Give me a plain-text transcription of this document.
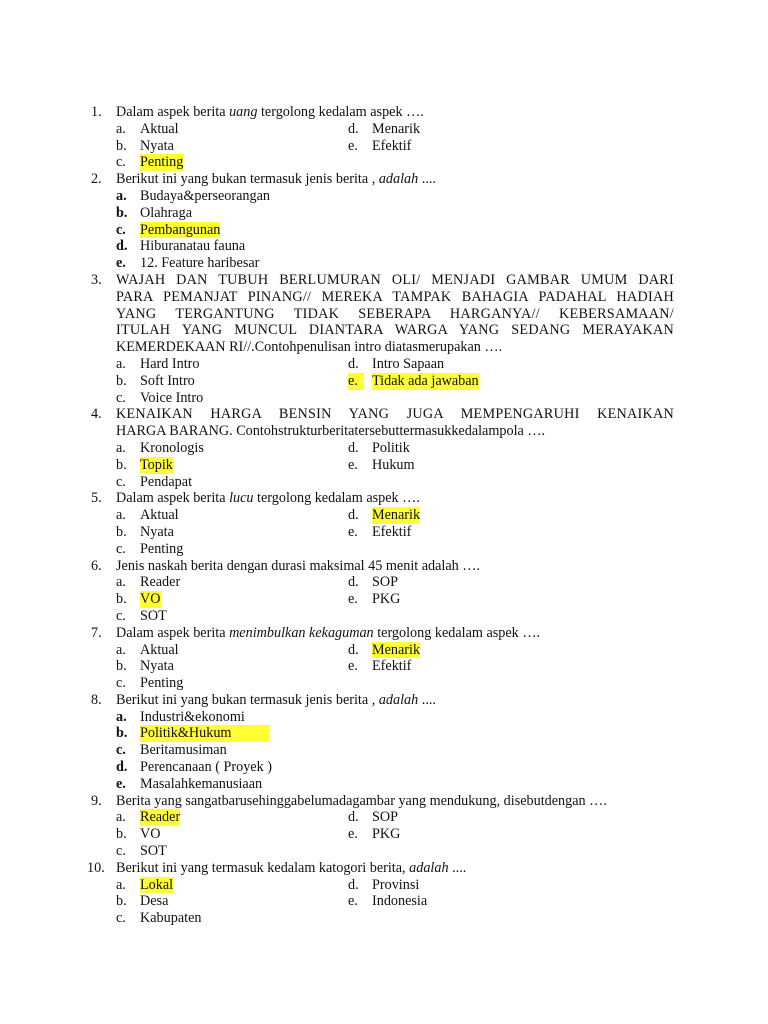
1. Dalam aspek berita uang tergolong kedalam aspek ….
a. Aktual	d. Menarik
b. Nyata	e. Efektif
c. Penting
2. Berikut ini yang bukan termasuk jenis berita , adalah ....
a. Budaya&perseorangan
b. Olahraga
c. Pembangunan
d. Hiburanatau fauna
e. 12. Feature haribesar
3. WAJAH DAN TUBUH BERLUMURAN OLI/ MENJADI GAMBAR UMUM DARI
PARA PEMANJAT PINANG// MEREKA TAMPAK BAHAGIA PADAHAL HADIAH
YANG TERGANTUNG TIDAK SEBERAPA HARGANYA// KEBERSAMAAN/
ITULAH YANG MUNCUL DIANTARA WARGA YANG SEDANG MERAYAKAN
KEMERDEKAAN RI//.Contohpenulisan intro diatasmerupakan ….
a. Hard Intro	d. Intro Sapaan
b. Soft Intro	e. Tidak ada jawaban
c. Voice Intro
4. KENAIKAN HARGA BENSIN YANG JUGA MEMPENGARUHI KENAIKAN
HARGA BARANG. Contohstrukturberitatersebuttermasukkedalampola ….
a. Kronologis	d. Politik
b. Topik	e. Hukum
c. Pendapat
5. Dalam aspek berita lucu tergolong kedalam aspek ….
a. Aktual	d. Menarik
b. Nyata	e. Efektif
c. Penting
6. Jenis naskah berita dengan durasi maksimal 45 menit adalah ….
a. Reader	d. SOP
b. VO	e. PKG
c. SOT
7. Dalam aspek berita menimbulkan kekaguman tergolong kedalam aspek ….
a. Aktual	d. Menarik
b. Nyata	e. Efektif
c. Penting
8. Berikut ini yang bukan termasuk jenis berita , adalah ....
a. Industri&ekonomi
b. Politik&Hukum
c. Beritamusiman
d. Perencanaan ( Proyek )
e. Masalahkemanusiaan
9. Berita yang sangatbarusehinggabelumadagambar yang mendukung, disebutdengan ….
a. Reader	d. SOP
b. VO	e. PKG
c. SOT
10. Berikut ini yang termasuk kedalam katogori berita, adalah ....
a. Lokal	d. Provinsi
b. Desa	e. Indonesia
c. Kabupaten
